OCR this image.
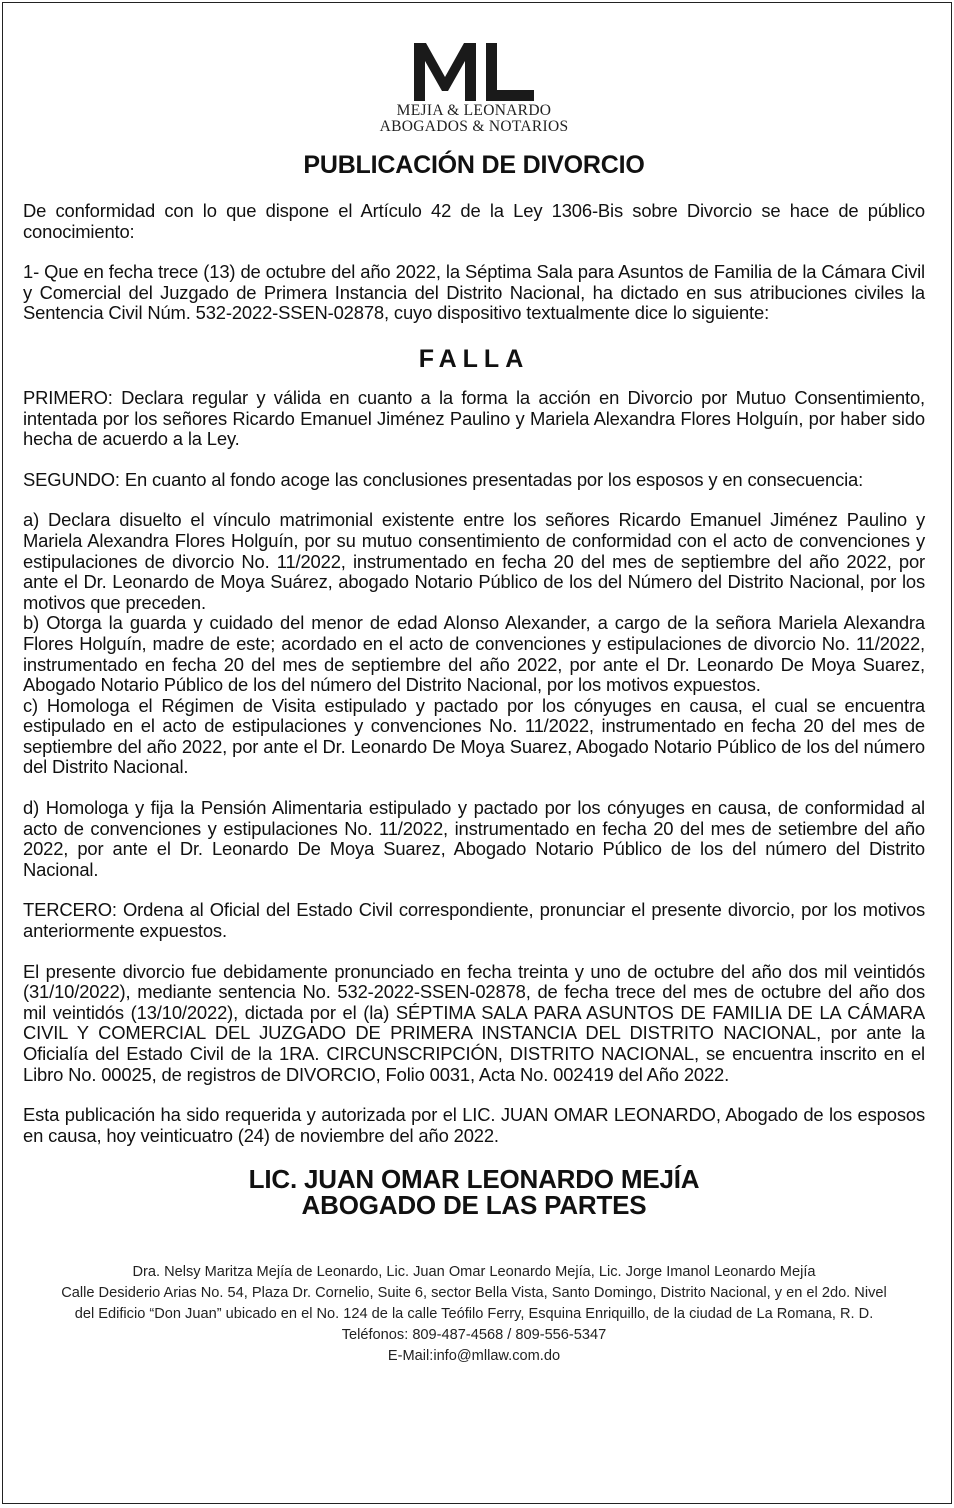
MEJIA & LEONARDO
ABOGADOS & NOTARIOS
PUBLICACIÓN DE DIVORCIO

De conformidad con lo que dispone el Artículo 42 de la Ley 1306-Bis sobre Divorcio se hace de público conocimiento:

1- Que en fecha trece (13) de octubre del año 2022, la Séptima Sala para Asuntos de Familia de la Cámara Civil y Comercial del Juzgado de Primera Instancia del Distrito Nacional, ha dictado en sus atribuciones civiles la Sentencia Civil Núm. 532-2022-SSEN-02878, cuyo dispositivo textualmente dice lo siguiente:

FALLA

PRIMERO: Declara regular y válida en cuanto a la forma la acción en Divorcio por Mutuo Consentimiento, intentada por los señores Ricardo Emanuel Jiménez Paulino y Mariela Alexandra Flores Holguín, por haber sido hecha de acuerdo a la Ley.

SEGUNDO: En cuanto al fondo acoge las conclusiones presentadas por los esposos y en consecuencia:

a) Declara disuelto el vínculo matrimonial existente entre los señores Ricardo Emanuel Jiménez Paulino y Mariela Alexandra Flores Holguín, por su mutuo consentimiento de conformidad con el acto de convenciones y estipulaciones de divorcio No. 11/2022, instrumentado en fecha 20 del mes de septiembre del año 2022, por ante el Dr. Leonardo de Moya Suárez, abogado Notario Público de los del Número del Distrito Nacional, por los motivos que preceden.

b) Otorga la guarda y cuidado del menor de edad Alonso Alexander, a cargo de la señora Mariela Alexandra Flores Holguín, madre de este; acordado en el acto de convenciones y estipulaciones de divorcio No. 11/2022, instrumentado en fecha 20 del mes de septiembre del año 2022, por ante el Dr. Leonardo De Moya Suarez, Abogado Notario Público de los del número del Distrito Nacional, por los motivos expuestos.

c) Homologa el Régimen de Visita estipulado y pactado por los cónyuges en causa, el cual se encuentra estipulado en el acto de estipulaciones y convenciones No. 11/2022, instrumentado en fecha 20 del mes de septiembre del año 2022, por ante el Dr. Leonardo De Moya Suarez, Abogado Notario Público de los del número del Distrito Nacional.

d) Homologa y fija la Pensión Alimentaria estipulado y pactado por los cónyuges en causa, de conformidad al acto de convenciones y estipulaciones No. 11/2022, instrumentado en fecha 20 del mes de setiembre del año 2022, por ante el Dr. Leonardo De Moya Suarez, Abogado Notario Público de los del número del Distrito Nacional.

TERCERO: Ordena al Oficial del Estado Civil correspondiente, pronunciar el presente divorcio, por los motivos anteriormente expuestos.

El presente divorcio fue debidamente pronunciado en fecha treinta y uno de octubre del año dos mil veintidós (31/10/2022), mediante sentencia No. 532-2022-SSEN-02878, de fecha trece del mes de octubre del año dos mil veintidós (13/10/2022), dictada por el (la) SÉPTIMA SALA PARA ASUNTOS DE FAMILIA DE LA CÁMARA CIVIL Y COMERCIAL DEL JUZGADO DE PRIMERA INSTANCIA DEL DISTRITO NACIONAL, por ante la Oficialía del Estado Civil de la 1RA. CIRCUNSCRIPCIÓN, DISTRITO NACIONAL, se encuentra inscrito en el Libro No. 00025, de registros de DIVORCIO, Folio 0031, Acta No. 002419 del Año 2022.

Esta publicación ha sido requerida y autorizada por el LIC. JUAN OMAR LEONARDO, Abogado de los esposos en causa, hoy veinticuatro (24) de noviembre del año 2022.

LIC. JUAN OMAR LEONARDO MEJÍA
ABOGADO DE LAS PARTES
Dra. Nelsy Maritza Mejía de Leonardo, Lic. Juan Omar Leonardo Mejía, Lic. Jorge Imanol Leonardo Mejía
Calle Desiderio Arias No. 54, Plaza Dr. Cornelio, Suite 6, sector Bella Vista, Santo Domingo, Distrito Nacional, y en el 2do. Nivel del Edificio “Don Juan” ubicado en el No. 124 de la calle Teófilo Ferry, Esquina Enriquillo, de la ciudad de La Romana, R. D.
Teléfonos: 809-487-4568 / 809-556-5347
E-Mail:info@mllaw.com.do
